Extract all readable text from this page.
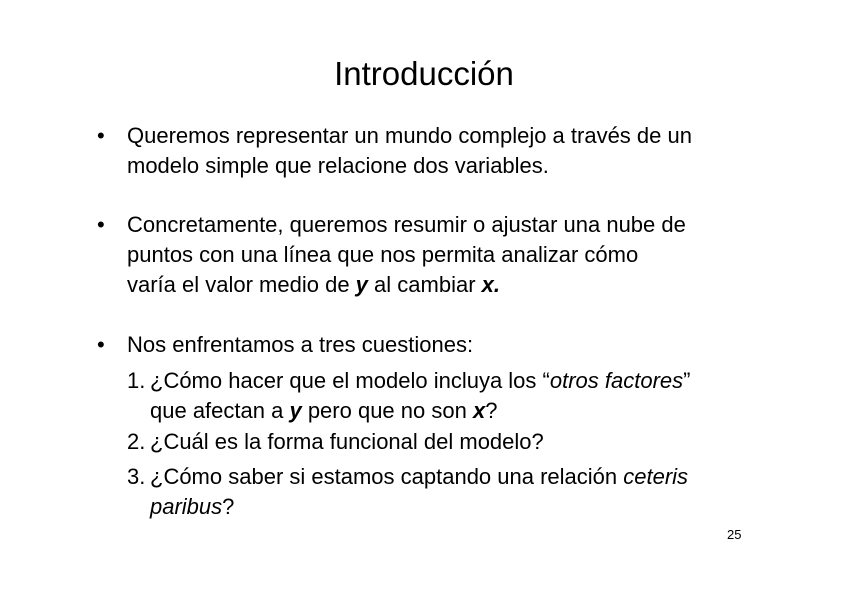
Introducción
• Queremos representar un mundo complejo a través de un
modelo simple que relacione dos variables.
• Concretamente, queremos resumir o ajustar una nube de
puntos con una línea que nos permita analizar cómo
varía el valor medio de y al cambiar x.
• Nos enfrentamos a tres cuestiones:
1. ¿Cómo hacer que el modelo incluya los “otros factores”
que afectan a y pero que no son x?
2. ¿Cuál es la forma funcional del modelo?
3. ¿Cómo saber si estamos captando una relación ceteris
paribus?
25
